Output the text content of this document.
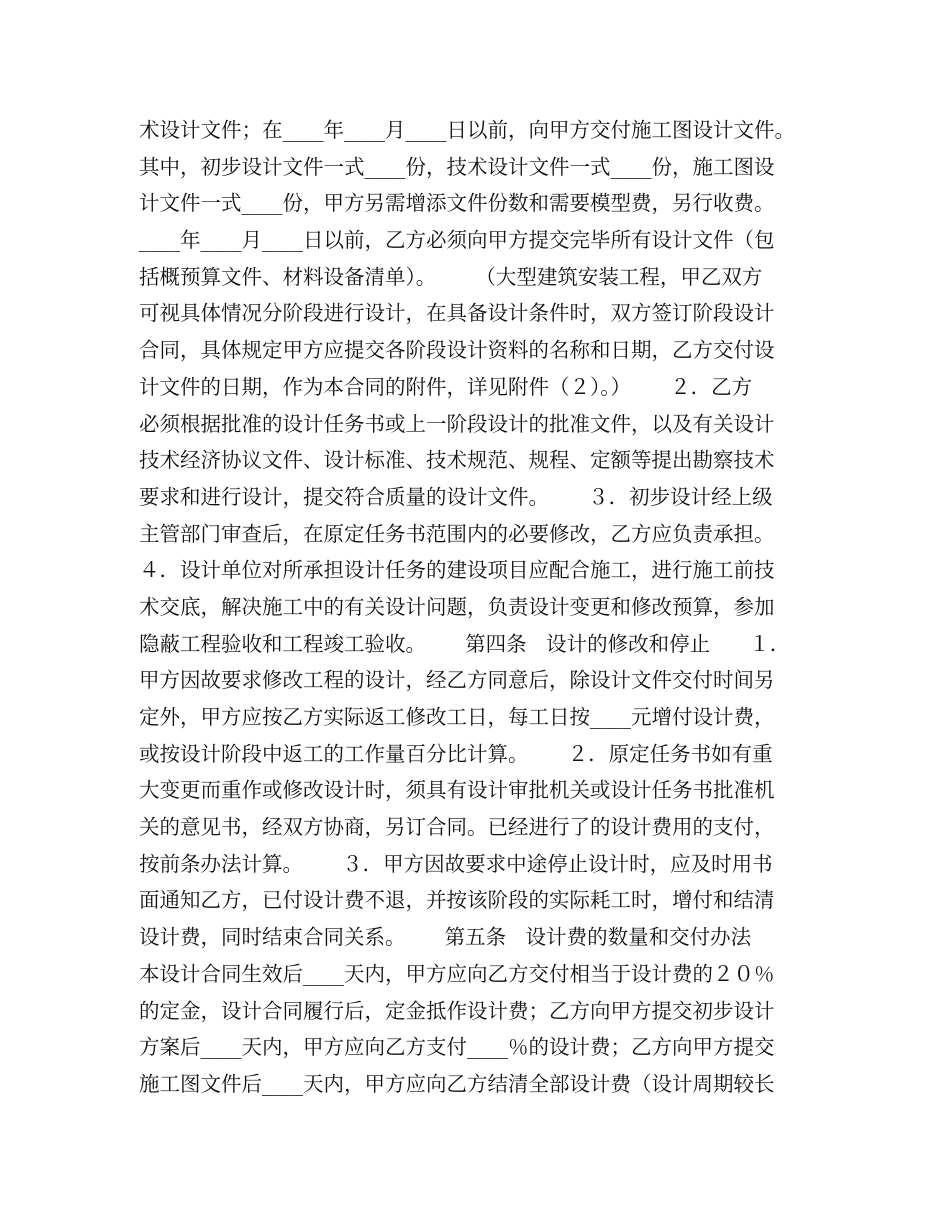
术设计文件；在____年____月____日以前，向甲方交付施工图设计文件。
其中，初步设计文件一式____份，技术设计文件一式____份，施工图设
计文件一式____份，甲方另需增添文件份数和需要模型费，另行收费。
____年____月____日以前，乙方必须向甲方提交完毕所有设计文件（包
括概预算文件、材料设备清单）。      （大型建筑安装工程，甲乙双方
可视具体情况分阶段进行设计，在具备设计条件时，双方签订阶段设计
合同，具体规定甲方应提交各阶段设计资料的名称和日期，乙方交付设
计文件的日期，作为本合同的附件，详见附件（２）。）      ２．乙方
必须根据批准的设计任务书或上一阶段设计的批准文件，以及有关设计
技术经济协议文件、设计标准、技术规范、规程、定额等提出勘察技术
要求和进行设计，提交符合质量的设计文件。      ３．初步设计经上级
主管部门审查后，在原定任务书范围内的必要修改，乙方应负责承担。
４．设计单位对所承担设计任务的建设项目应配合施工，进行施工前技
术交底，解决施工中的有关设计问题，负责设计变更和修改预算，参加
隐蔽工程验收和工程竣工验收。      第四条   设计的修改和停止      １．
甲方因故要求修改工程的设计，经乙方同意后，除设计文件交付时间另
定外，甲方应按乙方实际返工修改工日，每工日按____元增付设计费，
或按设计阶段中返工的工作量百分比计算。      ２．原定任务书如有重
大变更而重作或修改设计时，须具有设计审批机关或设计任务书批准机
关的意见书，经双方协商，另订合同。已经进行了的设计费用的支付，
按前条办法计算。      ３．甲方因故要求中途停止设计时，应及时用书
面通知乙方，已付设计费不退，并按该阶段的实际耗工时，增付和结清
设计费，同时结束合同关系。      第五条   设计费的数量和交付办法
本设计合同生效后____天内，甲方应向乙方交付相当于设计费的２０％
的定金，设计合同履行后，定金抵作设计费；乙方向甲方提交初步设计
方案后____天内，甲方应向乙方支付____％的设计费；乙方向甲方提交
施工图文件后____天内，甲方应向乙方结清全部设计费（设计周期较长
